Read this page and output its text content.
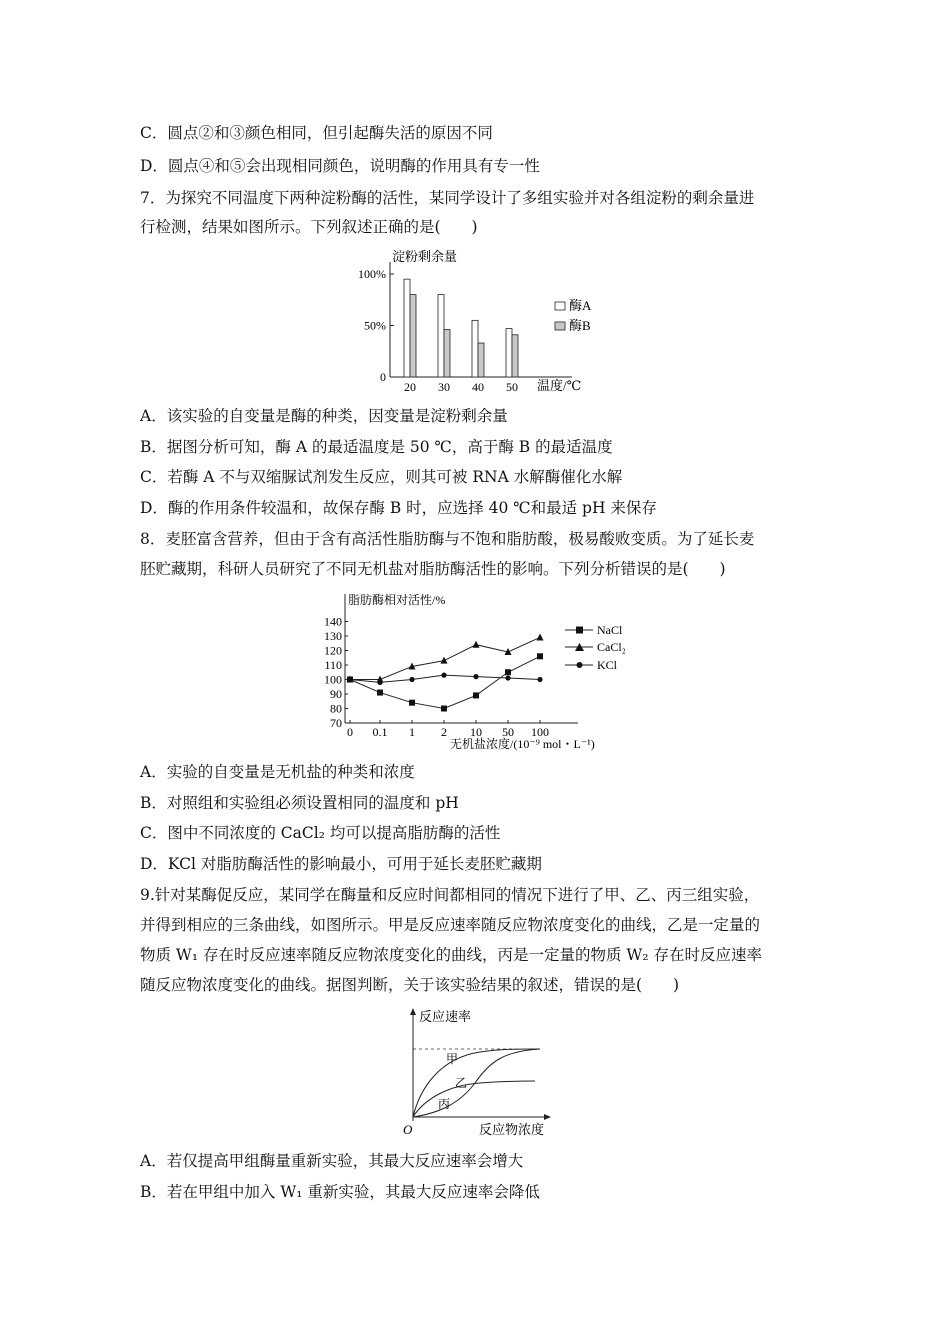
C．圆点②和③颜色相同，但引起酶失活的原因不同
D．圆点④和⑤会出现相同颜色，说明酶的作用具有专一性
7．为探究不同温度下两种淀粉酶的活性，某同学设计了多组实验并对各组淀粉的剩余量进
行检测，结果如图所示。下列叙述正确的是(　　)
淀粉剩余量
温度/℃
0
50%
100%
20 30 40 50
酶A
酶B
A．该实验的自变量是酶的种类，因变量是淀粉剩余量
B．据图分析可知，酶 A 的最适温度是 50 ℃，高于酶 B 的最适温度
C．若酶 A 不与双缩脲试剂发生反应，则其可被 RNA 水解酶催化水解
D．酶的作用条件较温和，故保存酶 B 时，应选择 40 ℃和最适 pH 来保存
8．麦胚富含营养，但由于含有高活性脂肪酶与不饱和脂肪酸，极易酸败变质。为了延长麦
胚贮藏期，科研人员研究了不同无机盐对脂肪酶活性的影响。下列分析错误的是(　　)
脂肪酶相对活性/%
无机盐浓度/(10⁻⁹ mol・L⁻¹)
70
80
90
100
110
120
130
140
0 0.1 1 2 10 50 100
NaCl
CaCl₂
KCl
A．实验的自变量是无机盐的种类和浓度
B．对照组和实验组必须设置相同的温度和 pH
C．图中不同浓度的 CaCl₂ 均可以提高脂肪酶的活性
D．KCl 对脂肪酶活性的影响最小，可用于延长麦胚贮藏期
9.针对某酶促反应，某同学在酶量和反应时间都相同的情况下进行了甲、乙、丙三组实验，
并得到相应的三条曲线，如图所示。甲是反应速率随反应物浓度变化的曲线，乙是一定量的
物质 W₁ 存在时反应速率随反应物浓度变化的曲线，丙是一定量的物质 W₂ 存在时反应速率
随反应物浓度变化的曲线。据图判断，关于该实验结果的叙述，错误的是(　　)
反应速率
反应物浓度
O
甲
乙
丙
A．若仅提高甲组酶量重新实验，其最大反应速率会增大
B．若在甲组中加入 W₁ 重新实验，其最大反应速率会降低
